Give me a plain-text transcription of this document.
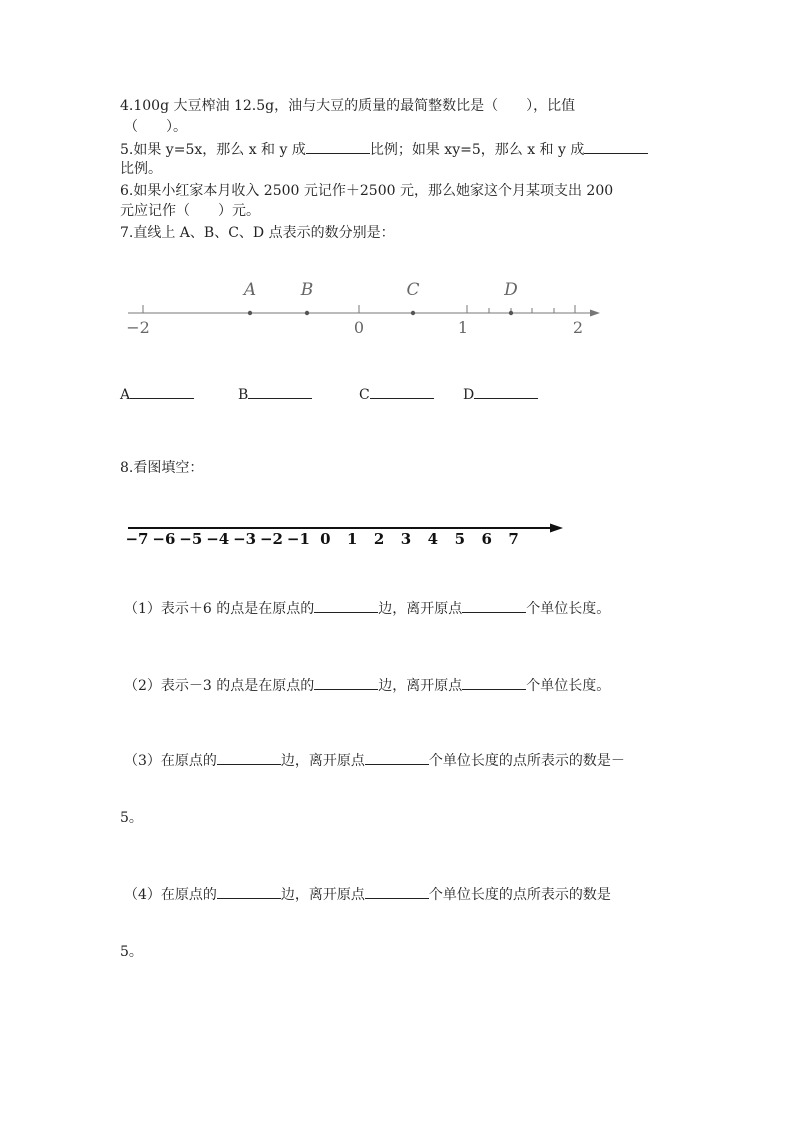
4.100g 大豆榨油 12.5g，油与大豆的质量的最简整数比是（　　），比值
（　　）。
5.如果 y=5x，那么 x 和 y 成	比例；如果 xy=5，那么 x 和 y 成
比例。
6.如果小红家本月收入 2500 元记作＋2500 元，那么她家这个月某项支出 200
元应记作（　　）元。
7.直线上 A、B、C、D 点表示的数分别是：
A	B	C	D
−2	0	1	2
A	B	C	D
8.看图填空：
−7 −6 −5 −4 −3 −2 −1 0 1 2 3 4 5 6 7
（1）表示＋6 的点是在原点的	边，离开原点	个单位长度。
（2）表示－3 的点是在原点的	边，离开原点	个单位长度。
（3）在原点的	边，离开原点	个单位长度的点所表示的数是－
5。
（4）在原点的	边，离开原点	个单位长度的点所表示的数是
5。
